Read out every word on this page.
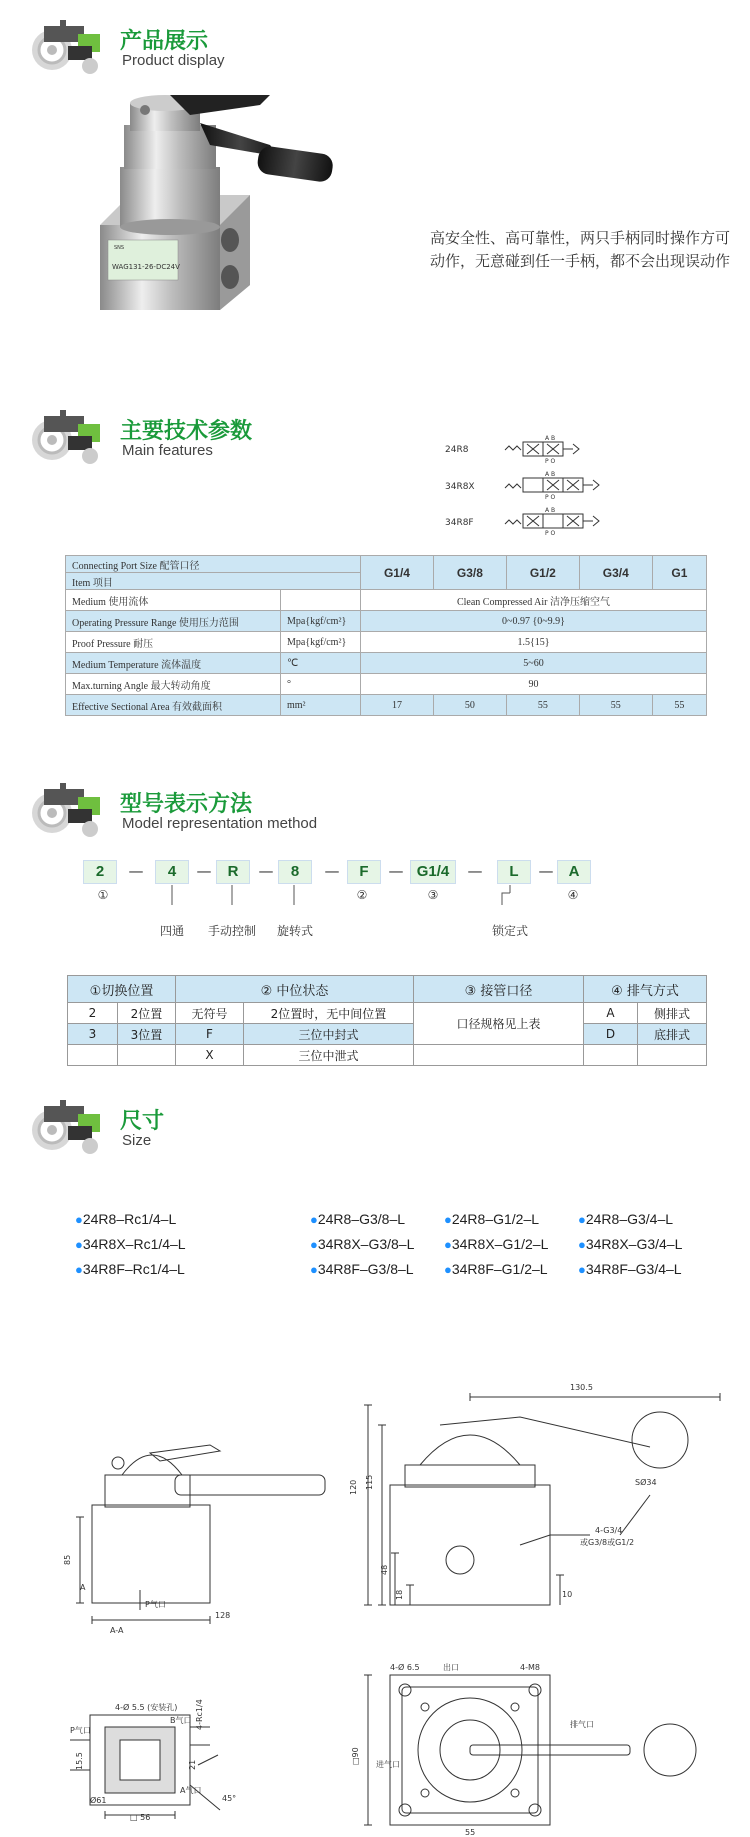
产品展示
Product display
SNS
WAG131-26-DC24V
高安全性、高可靠性，两只手柄同时操作方可动作，无意碰到任一手柄，都不会出现误动作
主要技术参数
Main features	24R8
34R8X
34R8F
A B
P O
A B
P O
A B
P O
Connecting Port Size 配管口径		G1/4	G3/8	G1/2	G3/4	G1
Item 项目						
Medium 使用流体		Clean Compressed Air 洁净压缩空气				
Operating Pressure Range 使用压力范围	Mpa{kgf/cm²}	0~0.97 {0~9.9}				
Proof Pressure 耐压	Mpa{kgf/cm²}	1.5{15}				
Medium Temperature 流体温度	℃	5~60				
Max.turning Angle 最大转动角度	°	90				
Effective Sectional Area 有效截面积	mm²	17	50	55	55	55
型号表示方法
Model representation method
2	—	4	—	R	—	8	—	F	— G1/4	—	L	—	A
①	②	③	④
四通	手动控制	旋转式	锁定式
①切换位置		② 中位状态		③ 接管口径	④ 排气方式	
2	2位置	无符号	2位置时，无中间位置	口径规格见上表	A	侧排式
3	3位置	F	三位中封式		D	底排式
		X	三位中泄式			
尺寸
Size
●24R8–Rc1/4–L
●34R8X–Rc1/4–L
●34R8F–Rc1/4–L
●24R8–G3/8–L
●34R8X–G3/8–L
●34R8F–G3/8–L
●24R8–G1/2–L
●34R8X–G1/2–L
●34R8F–G1/2–L
●24R8–G3/4–L
●34R8X–G3/4–L
●34R8F–G3/4–L
130.5
120 115
48
18	10
SØ34
4-G3/4
或G3/8或G1/2
85
128
A
A-A
P气口
□90
55
4-Ø 6.5	4-M8
排气口
出口
进气口
4-Ø 5.5 (安装孔)
B气口 4-Rc1/4
P气口
Ø61
□ 56
45°
A气口
21
15.5
